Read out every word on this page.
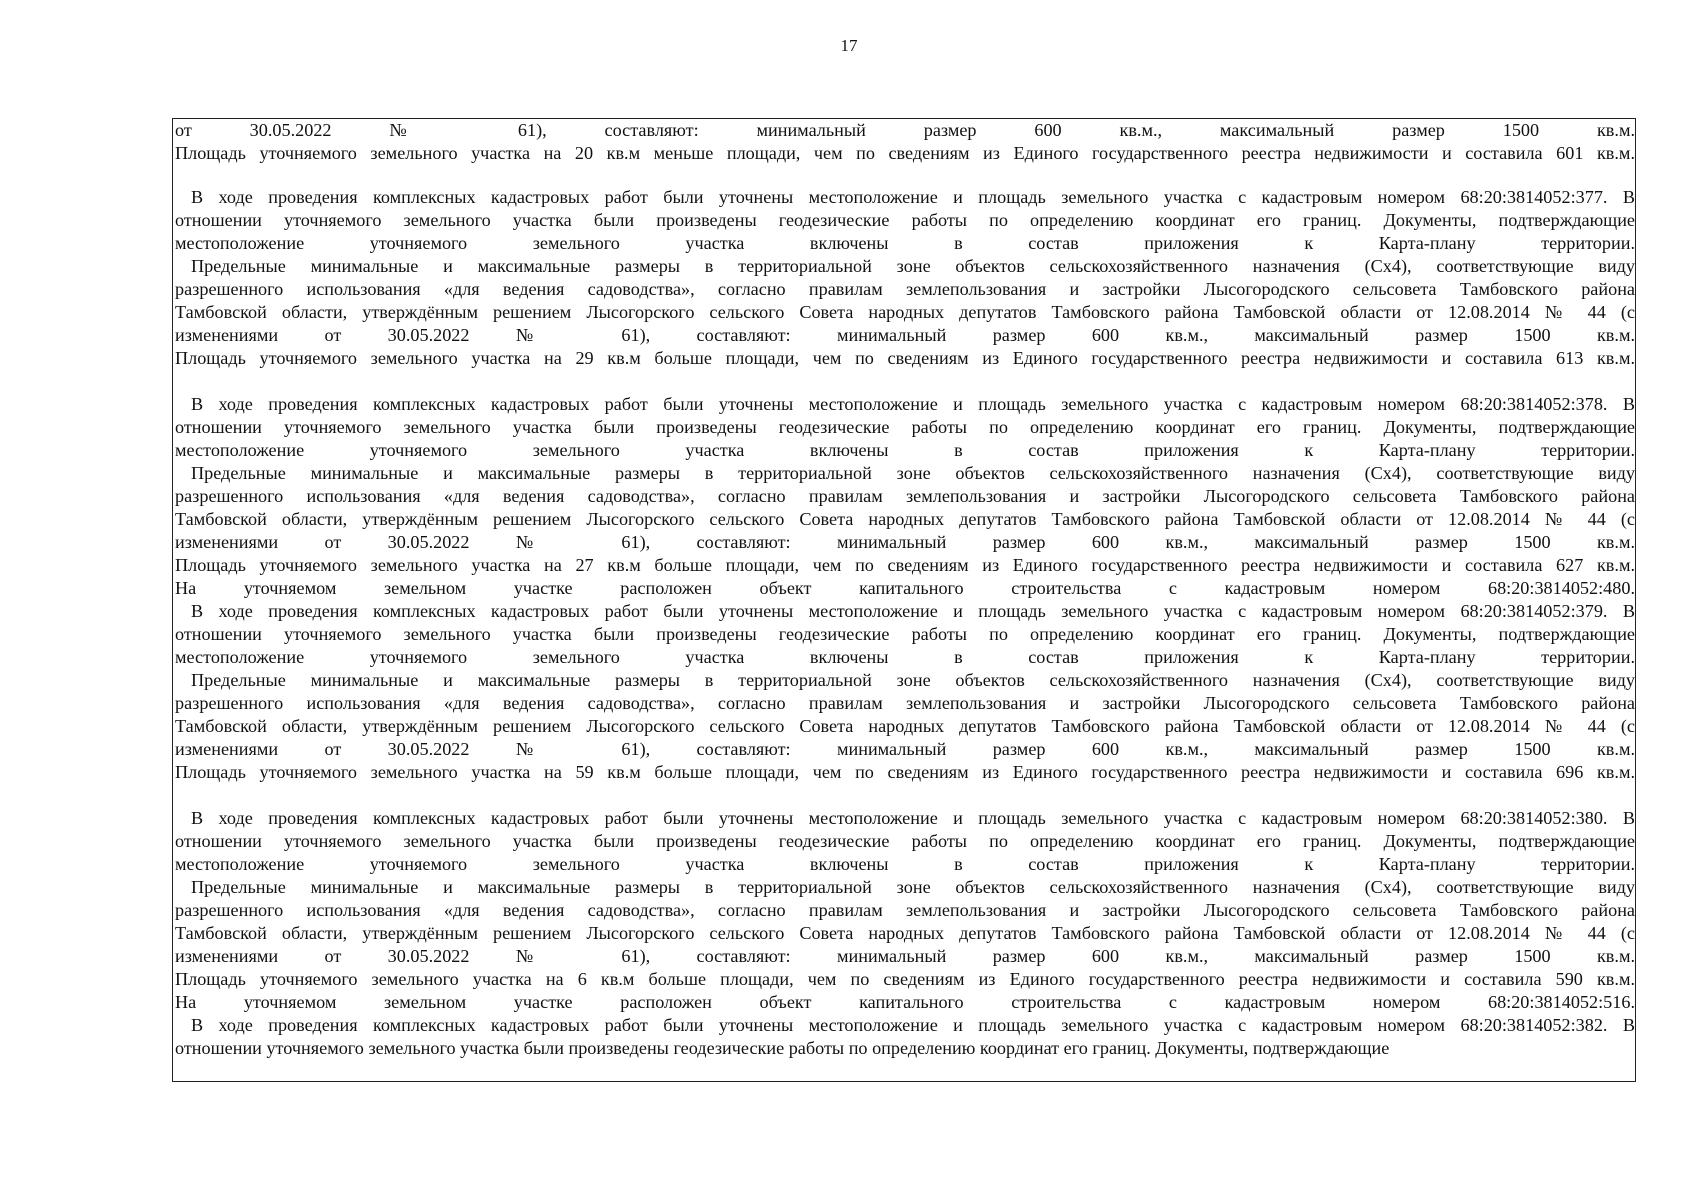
17
от 30.05.2022 № 61), составляют: минимальный размер 600 кв.м., максимальный размер 1500 кв.м.
Площадь уточняемого земельного участка на 20 кв.м меньше площади, чем по сведениям из Единого государственного реестра недвижимости и составила 601 кв.м.
В ходе проведения комплексных кадастровых работ были уточнены местоположение и площадь земельного участка с кадастровым номером 68:20:3814052:377. В
отношении уточняемого земельного участка были произведены геодезические работы по определению координат его границ. Документы, подтверждающие
местоположение уточняемого земельного участка включены в состав приложения к Карта-плану территории.
Предельные минимальные и максимальные размеры в территориальной зоне объектов сельскохозяйственного назначения (Сх4), соответствующие виду
разрешенного использования «для ведения садоводства», согласно правилам землепользования и застройки Лысогородского сельсовета Тамбовского района
Тамбовской области, утверждённым решением Лысогорского сельского Совета народных депутатов Тамбовского района Тамбовской области от 12.08.2014 № 44 (с
изменениями от 30.05.2022 № 61), составляют: минимальный размер 600 кв.м., максимальный размер 1500 кв.м.
Площадь уточняемого земельного участка на 29 кв.м больше площади, чем по сведениям из Единого государственного реестра недвижимости и составила 613 кв.м.
В ходе проведения комплексных кадастровых работ были уточнены местоположение и площадь земельного участка с кадастровым номером 68:20:3814052:378. В
отношении уточняемого земельного участка были произведены геодезические работы по определению координат его границ. Документы, подтверждающие
местоположение уточняемого земельного участка включены в состав приложения к Карта-плану территории.
Предельные минимальные и максимальные размеры в территориальной зоне объектов сельскохозяйственного назначения (Сх4), соответствующие виду
разрешенного использования «для ведения садоводства», согласно правилам землепользования и застройки Лысогородского сельсовета Тамбовского района
Тамбовской области, утверждённым решением Лысогорского сельского Совета народных депутатов Тамбовского района Тамбовской области от 12.08.2014 № 44 (с
изменениями от 30.05.2022 № 61), составляют: минимальный размер 600 кв.м., максимальный размер 1500 кв.м.
Площадь уточняемого земельного участка на 27 кв.м больше площади, чем по сведениям из Единого государственного реестра недвижимости и составила 627 кв.м.
На уточняемом земельном участке расположен объект капитального строительства с кадастровым номером 68:20:3814052:480.
В ходе проведения комплексных кадастровых работ были уточнены местоположение и площадь земельного участка с кадастровым номером 68:20:3814052:379. В
отношении уточняемого земельного участка были произведены геодезические работы по определению координат его границ. Документы, подтверждающие
местоположение уточняемого земельного участка включены в состав приложения к Карта-плану территории.
Предельные минимальные и максимальные размеры в территориальной зоне объектов сельскохозяйственного назначения (Сх4), соответствующие виду
разрешенного использования «для ведения садоводства», согласно правилам землепользования и застройки Лысогородского сельсовета Тамбовского района
Тамбовской области, утверждённым решением Лысогорского сельского Совета народных депутатов Тамбовского района Тамбовской области от 12.08.2014 № 44 (с
изменениями от 30.05.2022 № 61), составляют: минимальный размер 600 кв.м., максимальный размер 1500 кв.м.
Площадь уточняемого земельного участка на 59 кв.м больше площади, чем по сведениям из Единого государственного реестра недвижимости и составила 696 кв.м.
В ходе проведения комплексных кадастровых работ были уточнены местоположение и площадь земельного участка с кадастровым номером 68:20:3814052:380. В
отношении уточняемого земельного участка были произведены геодезические работы по определению координат его границ. Документы, подтверждающие
местоположение уточняемого земельного участка включены в состав приложения к Карта-плану территории.
Предельные минимальные и максимальные размеры в территориальной зоне объектов сельскохозяйственного назначения (Сх4), соответствующие виду
разрешенного использования «для ведения садоводства», согласно правилам землепользования и застройки Лысогородского сельсовета Тамбовского района
Тамбовской области, утверждённым решением Лысогорского сельского Совета народных депутатов Тамбовского района Тамбовской области от 12.08.2014 № 44 (с
изменениями от 30.05.2022 № 61), составляют: минимальный размер 600 кв.м., максимальный размер 1500 кв.м.
Площадь уточняемого земельного участка на 6 кв.м больше площади, чем по сведениям из Единого государственного реестра недвижимости и составила 590 кв.м.
На уточняемом земельном участке расположен объект капитального строительства с кадастровым номером 68:20:3814052:516.
В ходе проведения комплексных кадастровых работ были уточнены местоположение и площадь земельного участка с кадастровым номером 68:20:3814052:382. В
отношении уточняемого земельного участка были произведены геодезические работы по определению координат его границ. Документы, подтверждающие
